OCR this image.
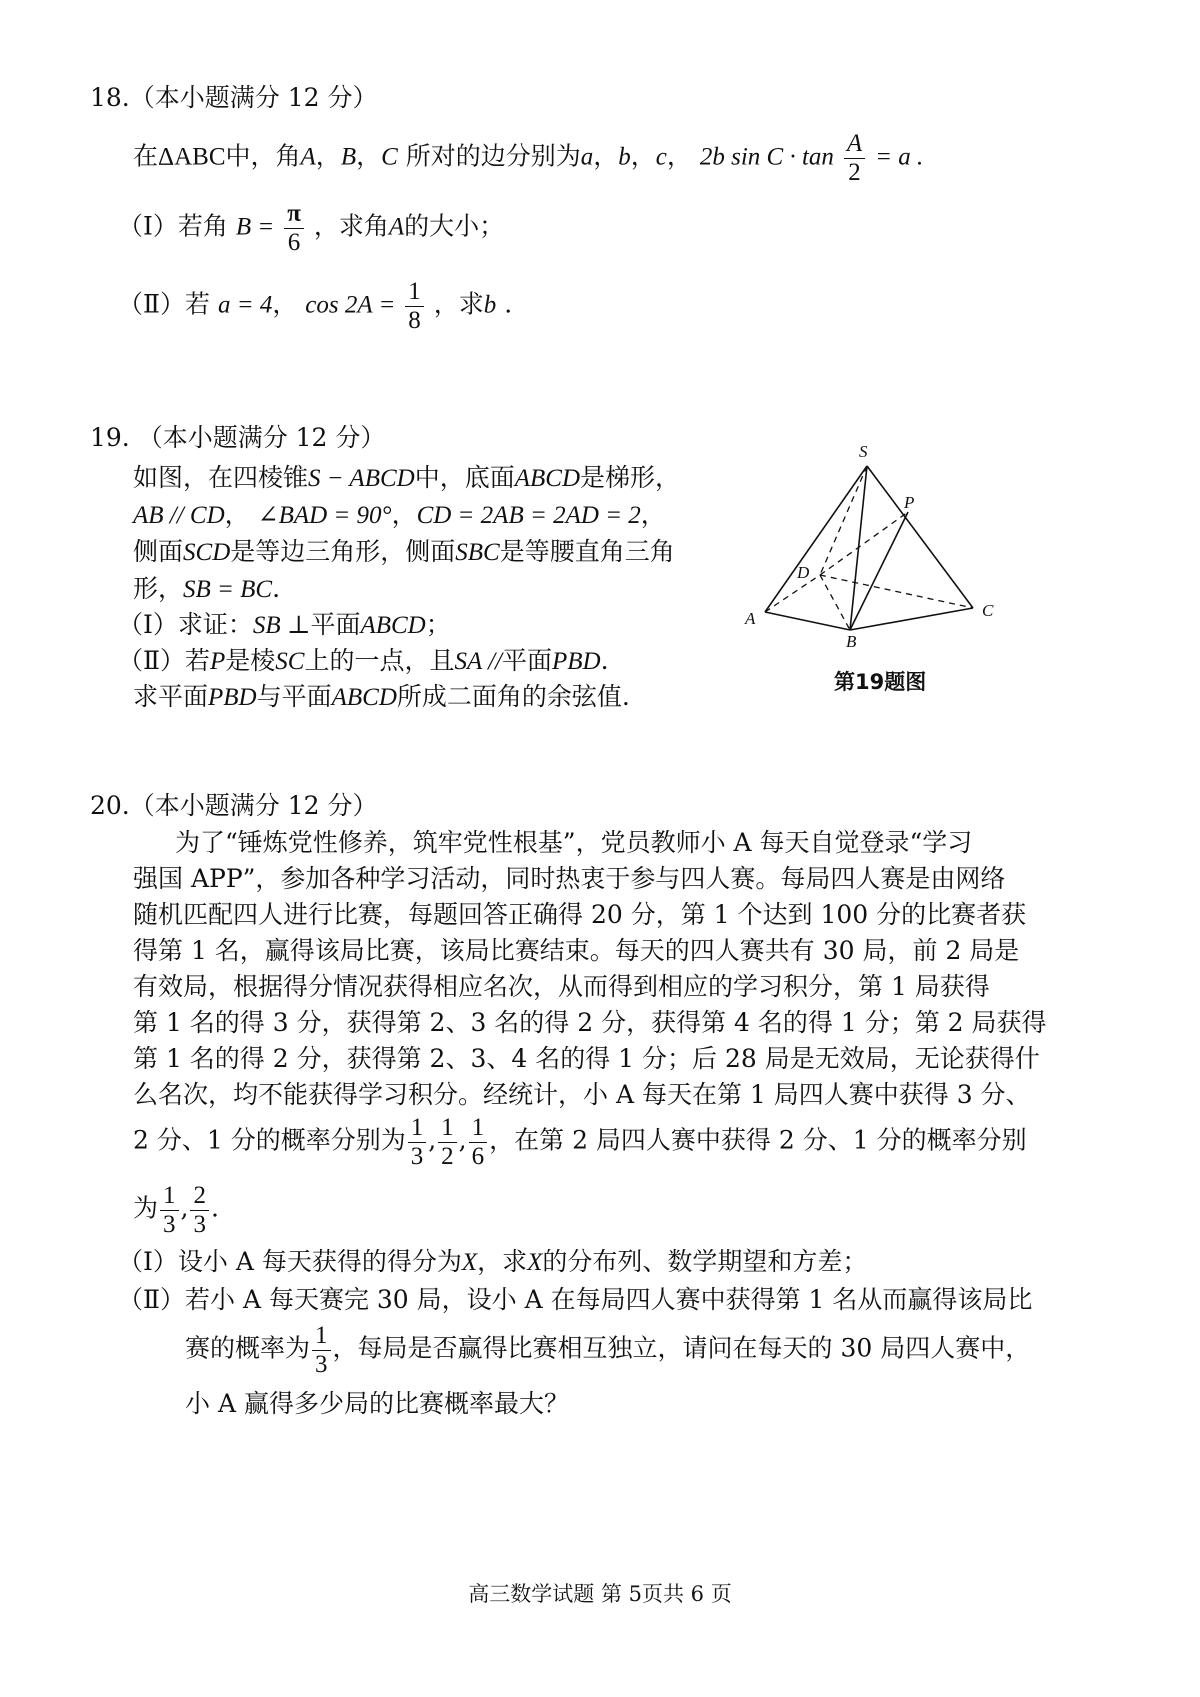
18.（本小题满分 12 分）
在ΔABC中，角A，B，C 所对的边分别为a，b，c， 2b $\sin C \cdot \tan \frac{A}{2} = a$ .
（Ⅰ）若角 $B = \frac{\pi}{6}$ ，求角A的大小；
（Ⅱ）若 a = 4， $\cos 2A = \frac{1}{8}$ ，求b .
19. （本小题满分 12 分）
如图，在四棱锥S − ABCD中，底面ABCD是梯形，
AB // CD， ∠BAD = 90°，CD = 2AB = 2AD = 2，
侧面SCD是等边三角形，侧面SBC是等腰直角三角
形，SB = BC.
（Ⅰ）求证：SB ⊥平面ABCD；
（Ⅱ）若P是棱SC上的一点，且SA //平面PBD.
求平面PBD与平面ABCD所成二面角的余弦值.
S
P
D
A
B
C
第19题图
20.（本小题满分 12 分）
为了“锤炼党性修养，筑牢党性根基”，党员教师小 A 每天自觉登录“学习
强国 APP”，参加各种学习活动，同时热衷于参与四人赛。每局四人赛是由网络
随机匹配四人进行比赛，每题回答正确得 20 分，第 1 个达到 100 分的比赛者获
得第 1 名，赢得该局比赛，该局比赛结束。每天的四人赛共有 30 局，前 2 局是
有效局，根据得分情况获得相应名次，从而得到相应的学习积分，第 1 局获得
第 1 名的得 3 分，获得第 2、3 名的得 2 分，获得第 4 名的得 1 分；第 2 局获得
第 1 名的得 2 分，获得第 2、3、4 名的得 1 分；后 28 局是无效局，无论获得什
么名次，均不能获得学习积分。经统计，小 A 每天在第 1 局四人赛中获得 3 分、
2 分、1 分的概率分别为 $\frac{1}{3}$ , $\frac{1}{2}$ , $\frac{1}{6}$ ，在第 2 局四人赛中获得 2 分、1 分的概率分别
为 $\frac{1}{3}$ , $\frac{2}{3}$ .
（Ⅰ）设小 A 每天获得的得分为X，求X的分布列、数学期望和方差；
（Ⅱ）若小 A 每天赛完 30 局，设小 A 在每局四人赛中获得第 1 名从而赢得该局比
赛的概率为 $\frac{1}{3}$ ，每局是否赢得比赛相互独立，请问在每天的 30 局四人赛中，
小 A 赢得多少局的比赛概率最大？
高三数学试题 第 5页共 6 页
